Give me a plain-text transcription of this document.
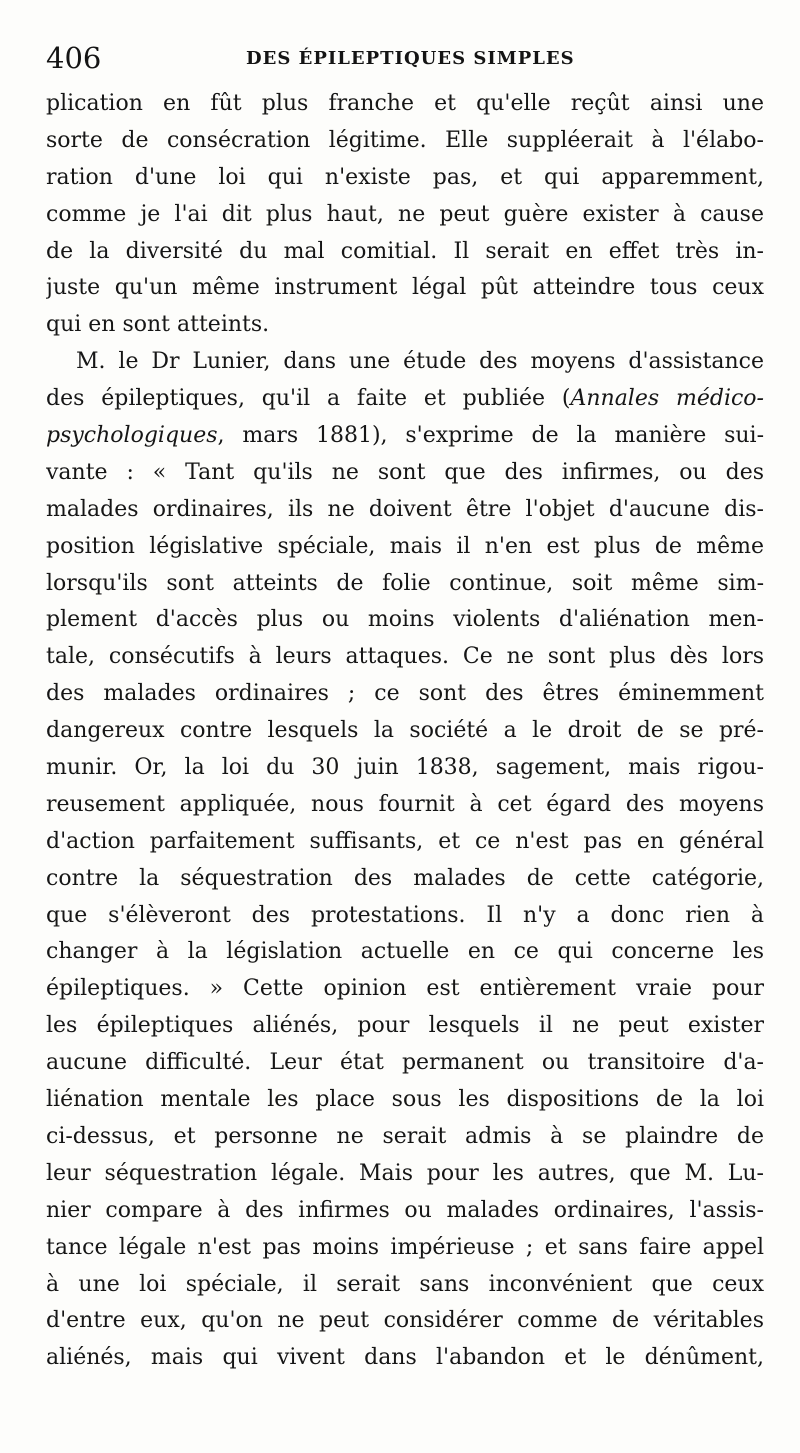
406	DES ÉPILEPTIQUES SIMPLES
plication en fût plus franche et qu'elle reçût ainsi une
sorte de consécration légitime. Elle suppléerait à l'élabo-
ration d'une loi qui n'existe pas, et qui apparemment,
comme je l'ai dit plus haut, ne peut guère exister à cause
de la diversité du mal comitial. Il serait en effet très in-
juste qu'un même instrument légal pût atteindre tous ceux
qui en sont atteints.
M. le Dr Lunier, dans une étude des moyens d'assistance
des épileptiques, qu'il a faite et publiée (Annales médico-
psychologiques, mars 1881), s'exprime de la manière sui-
vante : « Tant qu'ils ne sont que des infirmes, ou des
malades ordinaires, ils ne doivent être l'objet d'aucune dis-
position législative spéciale, mais il n'en est plus de même
lorsqu'ils sont atteints de folie continue, soit même sim-
plement d'accès plus ou moins violents d'aliénation men-
tale, consécutifs à leurs attaques. Ce ne sont plus dès lors
des malades ordinaires ; ce sont des êtres éminemment
dangereux contre lesquels la société a le droit de se pré-
munir. Or, la loi du 30 juin 1838, sagement, mais rigou-
reusement appliquée, nous fournit à cet égard des moyens
d'action parfaitement suffisants, et ce n'est pas en général
contre la séquestration des malades de cette catégorie,
que s'élèveront des protestations. Il n'y a donc rien à
changer à la législation actuelle en ce qui concerne les
épileptiques. » Cette opinion est entièrement vraie pour
les épileptiques aliénés, pour lesquels il ne peut exister
aucune difficulté. Leur état permanent ou transitoire d'a-
liénation mentale les place sous les dispositions de la loi
ci-dessus, et personne ne serait admis à se plaindre de
leur séquestration légale. Mais pour les autres, que M. Lu-
nier compare à des infirmes ou malades ordinaires, l'assis-
tance légale n'est pas moins impérieuse ; et sans faire appel
à une loi spéciale, il serait sans inconvénient que ceux
d'entre eux, qu'on ne peut considérer comme de véritables
aliénés, mais qui vivent dans l'abandon et le dénûment,
